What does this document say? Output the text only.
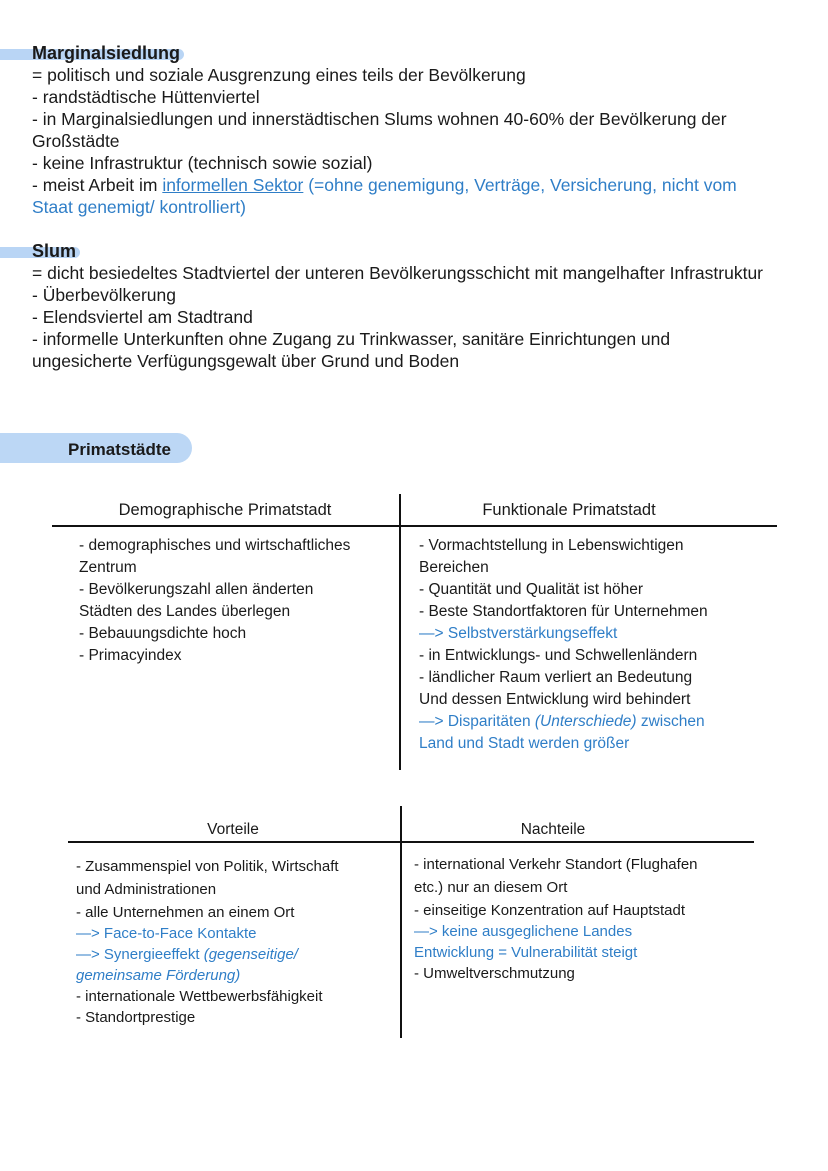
Marginalsiedlung
= politisch und soziale Ausgrenzung eines teils der Bevölkerung
- randstädtische Hüttenviertel
- in Marginalsiedlungen und innerstädtischen Slums wohnen 40-60% der Bevölkerung der
Großstädte
- keine Infrastruktur (technisch sowie sozial)
- meist Arbeit im informellen Sektor (=ohne genemigung, Verträge, Versicherung, nicht vom
Staat genemigt/ kontrolliert)
Slum
= dicht besiedeltes Stadtviertel der unteren Bevölkerungsschicht mit mangelhafter Infrastruktur
- Überbevölkerung
- Elendsviertel am Stadtrand
- informelle Unterkunften ohne Zugang zu Trinkwasser, sanitäre Einrichtungen und
ungesicherte Verfügungsgewalt über Grund und Boden
Primatstädte
Demographische Primatstadt	Funktionale Primatstadt
- demographisches und wirtschaftliches
Zentrum
- Bevölkerungszahl allen änderten
Städten des Landes überlegen
- Bebauungsdichte hoch
- Primacyindex
- Vormachtstellung in Lebenswichtigen
Bereichen
- Quantität und Qualität ist höher
- Beste Standortfaktoren für Unternehmen
—> Selbstverstärkungseffekt
- in Entwicklungs- und Schwellenländern
- ländlicher Raum verliert an Bedeutung
Und dessen Entwicklung wird behindert
—> Disparitäten (Unterschiede) zwischen
Land und Stadt werden größer
Vorteile	Nachteile
- Zusammenspiel von Politik, Wirtschaft
und Administrationen
- alle Unternehmen an einem Ort
—> Face-to-Face Kontakte
—> Synergieeffekt (gegenseitige/
gemeinsame Förderung)
- internationale Wettbewerbsfähigkeit
- Standortprestige
- international Verkehr Standort (Flughafen
etc.) nur an diesem Ort
- einseitige Konzentration auf Hauptstadt
—> keine ausgeglichene Landes
Entwicklung = Vulnerabilität steigt
- Umweltverschmutzung
